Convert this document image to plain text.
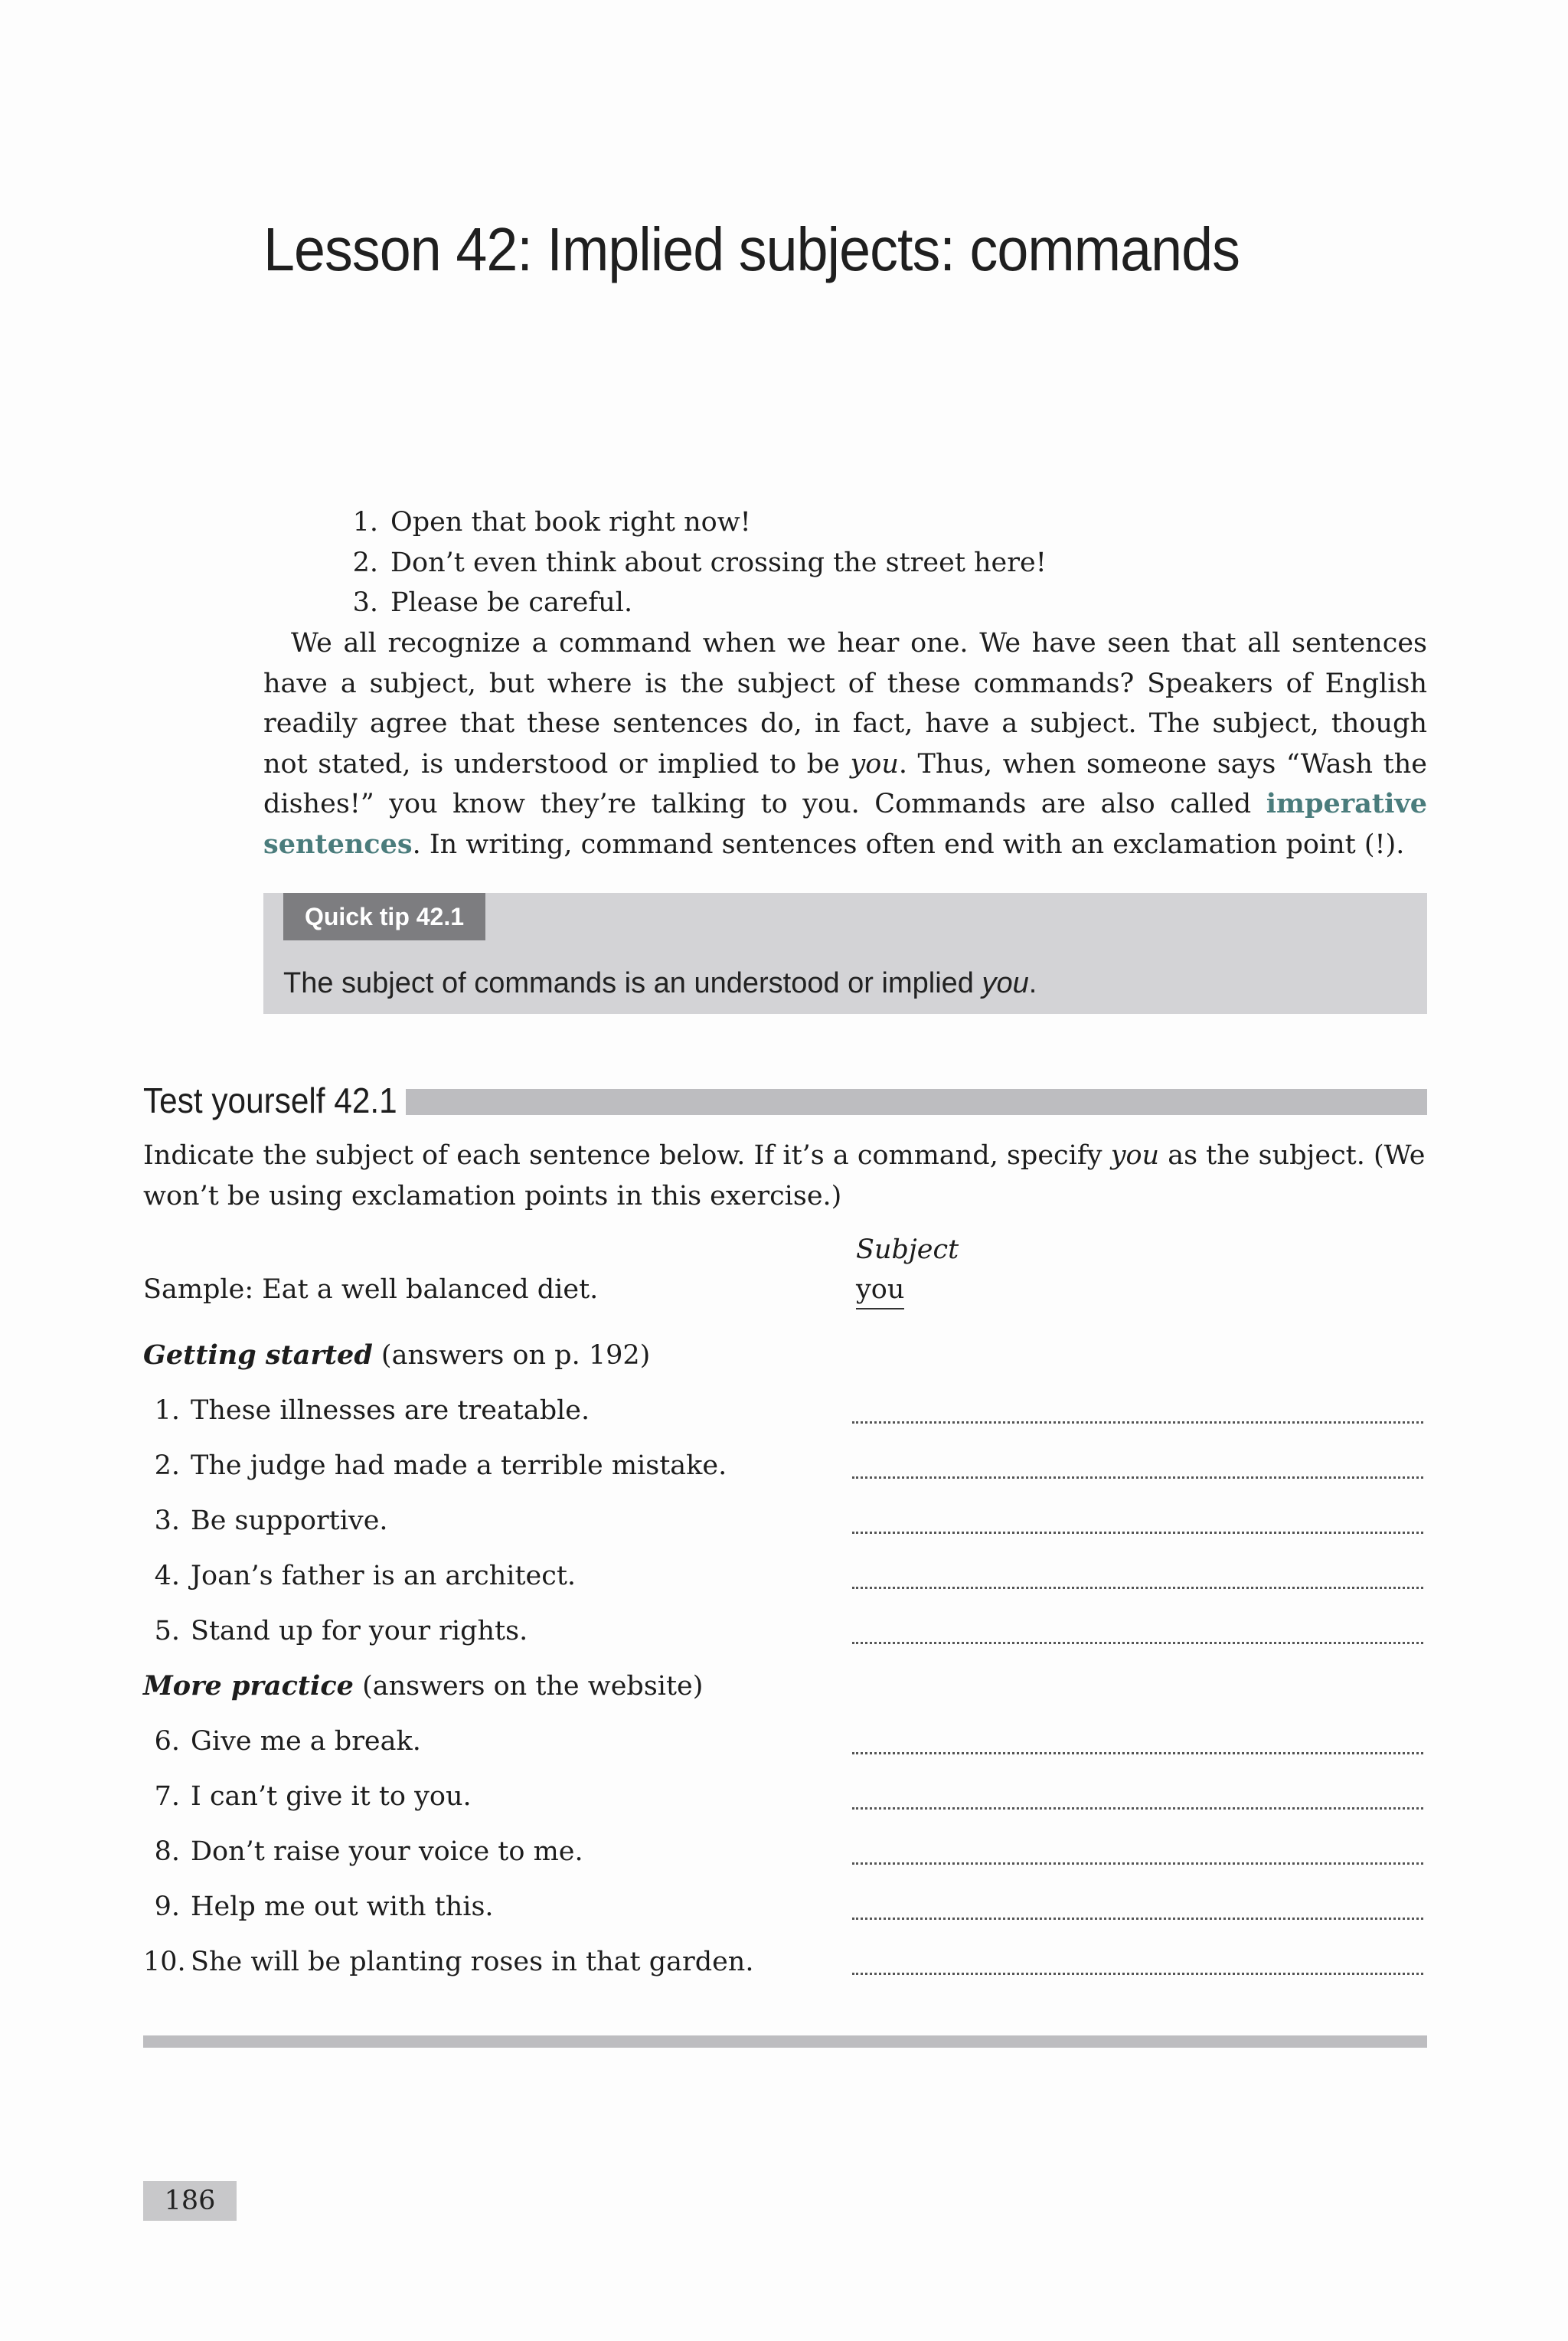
Lesson 42: Implied subjects: commands
1. Open that book right now!
2. Don’t even think about crossing the street here!
3. Please be careful.

We all recognize a command when we hear one. We have seen that all sentences have a subject, but where is the subject of these commands? Speakers of English readily agree that these sentences do, in fact, have a subject. The subject, though not stated, is understood or implied to be you. Thus, when someone says “Wash the dishes!” you know they’re talking to you. Commands are also called imperative sentences. In writing, command sentences often end with an exclamation point (!).

Quick tip 42.1

The subject of commands is an understood or implied you.

Test yourself 42.1

Indicate the subject of each sentence below. If it’s a command, specify you as the subject. (We won’t be using exclamation points in this exercise.)

Subject
Sample: Eat a well balanced diet.	you
Getting started (answers on p. 192)
1. These illnesses are treatable.
2. The judge had made a terrible mistake.
3. Be supportive.
4. Joan’s father is an architect.
5. Stand up for your rights.
More practice (answers on the website)
6. Give me a break.
7. I can’t give it to you.
8. Don’t raise your voice to me.
9. Help me out with this.
10. She will be planting roses in that garden.
186
